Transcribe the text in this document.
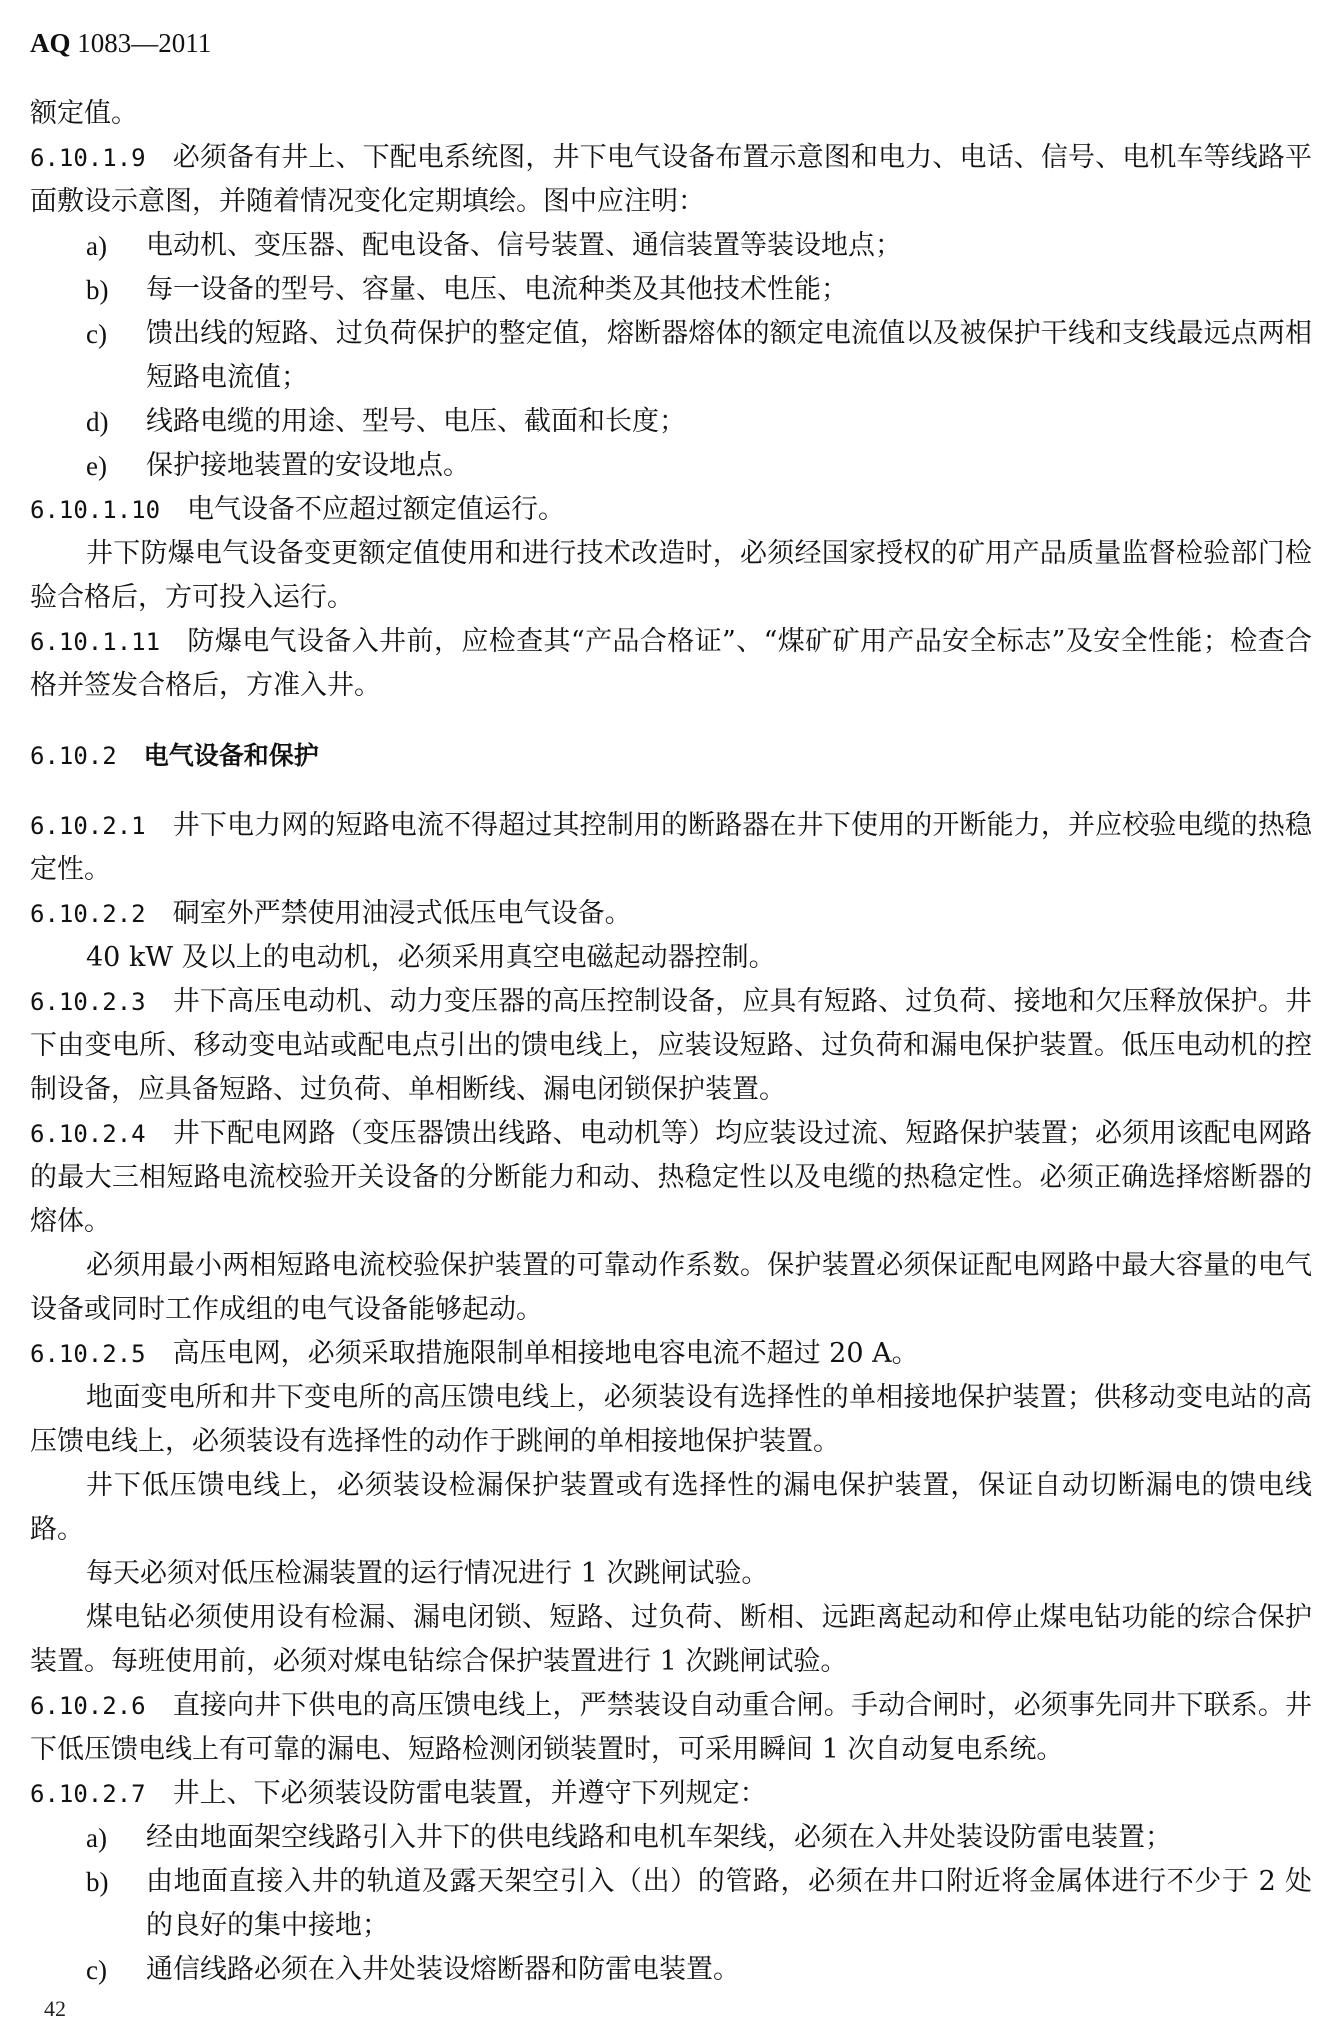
AQ 1083—2011

额定值。

6.10.1.9  必须备有井上、下配电系统图，井下电气设备布置示意图和电力、电话、信号、电机车等线路平面敷设示意图，并随着情况变化定期填绘。图中应注明：

a) 电动机、变压器、配电设备、信号装置、通信装置等装设地点；

b) 每一设备的型号、容量、电压、电流种类及其他技术性能；

c) 馈出线的短路、过负荷保护的整定值，熔断器熔体的额定电流值以及被保护干线和支线最远点两相短路电流值；

d) 线路电缆的用途、型号、电压、截面和长度；

e) 保护接地装置的安设地点。

6.10.1.10  电气设备不应超过额定值运行。

井下防爆电气设备变更额定值使用和进行技术改造时，必须经国家授权的矿用产品质量监督检验部门检验合格后，方可投入运行。

6.10.1.11  防爆电气设备入井前，应检查其“产品合格证”、“煤矿矿用产品安全标志”及安全性能；检查合格并签发合格后，方准入井。

6.10.2  电气设备和保护

6.10.2.1  井下电力网的短路电流不得超过其控制用的断路器在井下使用的开断能力，并应校验电缆的热稳定性。

6.10.2.2  硐室外严禁使用油浸式低压电气设备。

40 kW 及以上的电动机，必须采用真空电磁起动器控制。

6.10.2.3  井下高压电动机、动力变压器的高压控制设备，应具有短路、过负荷、接地和欠压释放保护。井下由变电所、移动变电站或配电点引出的馈电线上，应装设短路、过负荷和漏电保护装置。低压电动机的控制设备，应具备短路、过负荷、单相断线、漏电闭锁保护装置。

6.10.2.4  井下配电网路（变压器馈出线路、电动机等）均应装设过流、短路保护装置；必须用该配电网路的最大三相短路电流校验开关设备的分断能力和动、热稳定性以及电缆的热稳定性。必须正确选择熔断器的熔体。

必须用最小两相短路电流校验保护装置的可靠动作系数。保护装置必须保证配电网路中最大容量的电气设备或同时工作成组的电气设备能够起动。

6.10.2.5  高压电网，必须采取措施限制单相接地电容电流不超过 20 A。

地面变电所和井下变电所的高压馈电线上，必须装设有选择性的单相接地保护装置；供移动变电站的高压馈电线上，必须装设有选择性的动作于跳闸的单相接地保护装置。

井下低压馈电线上，必须装设检漏保护装置或有选择性的漏电保护装置，保证自动切断漏电的馈电线路。

每天必须对低压检漏装置的运行情况进行 1 次跳闸试验。

煤电钻必须使用设有检漏、漏电闭锁、短路、过负荷、断相、远距离起动和停止煤电钻功能的综合保护装置。每班使用前，必须对煤电钻综合保护装置进行 1 次跳闸试验。

6.10.2.6  直接向井下供电的高压馈电线上，严禁装设自动重合闸。手动合闸时，必须事先同井下联系。井下低压馈电线上有可靠的漏电、短路检测闭锁装置时，可采用瞬间 1 次自动复电系统。

6.10.2.7  井上、下必须装设防雷电装置，并遵守下列规定：

a) 经由地面架空线路引入井下的供电线路和电机车架线，必须在入井处装设防雷电装置；

b) 由地面直接入井的轨道及露天架空引入（出）的管路，必须在井口附近将金属体进行不少于 2 处的良好的集中接地；

c) 通信线路必须在入井处装设熔断器和防雷电装置。

42
